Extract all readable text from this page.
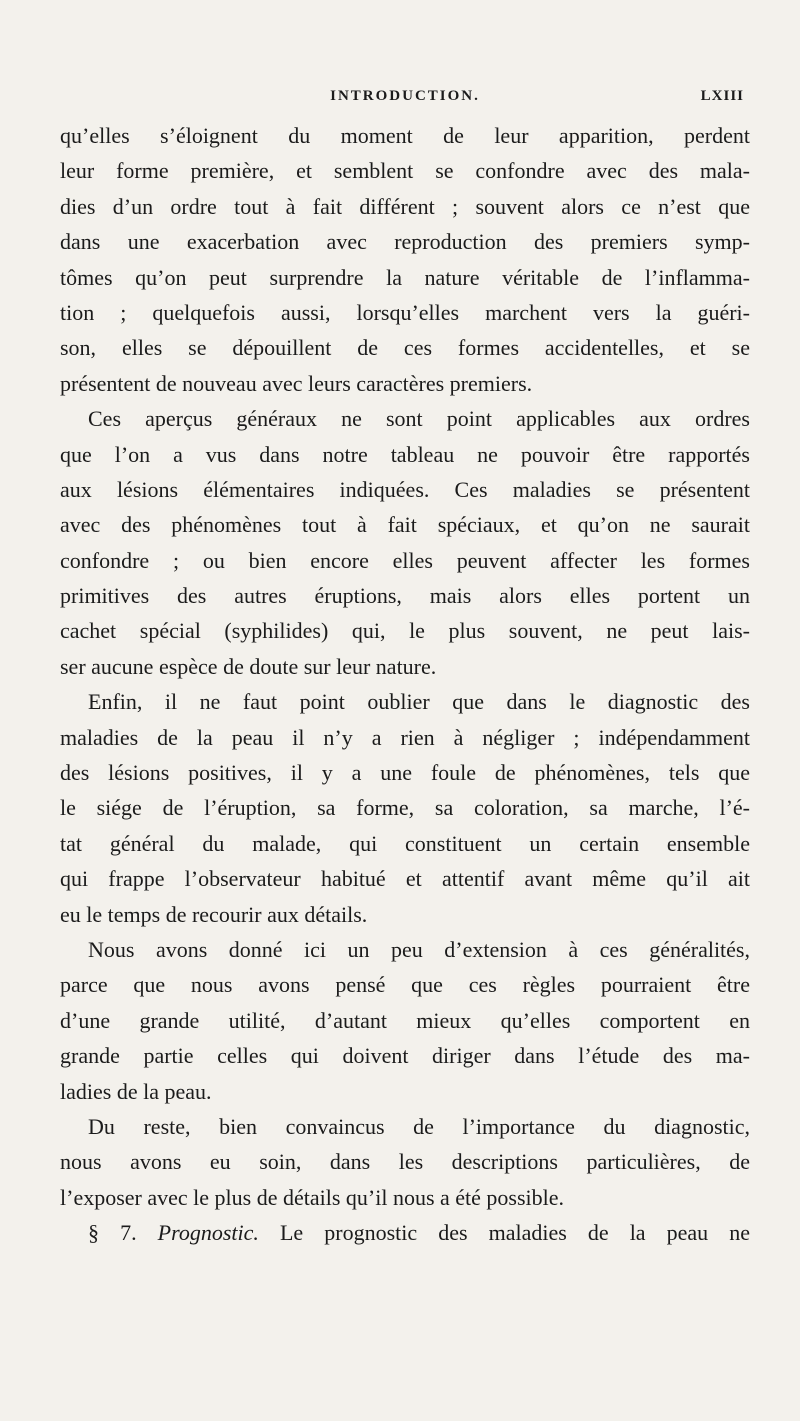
INTRODUCTION.	LXIII
qu’elles s’éloignent du moment de leur apparition, perdent
leur forme première, et semblent se confondre avec des mala-
dies d’un ordre tout à fait différent ; souvent alors ce n’est que
dans une exacerbation avec reproduction des premiers symp-
tômes qu’on peut surprendre la nature véritable de l’inflamma-
tion ; quelquefois aussi, lorsqu’elles marchent vers la guéri-
son, elles se dépouillent de ces formes accidentelles, et se
présentent de nouveau avec leurs caractères premiers.
Ces aperçus généraux ne sont point applicables aux ordres
que l’on a vus dans notre tableau ne pouvoir être rapportés
aux lésions élémentaires indiquées. Ces maladies se présentent
avec des phénomènes tout à fait spéciaux, et qu’on ne saurait
confondre ; ou bien encore elles peuvent affecter les formes
primitives des autres éruptions, mais alors elles portent un
cachet spécial (syphilides) qui, le plus souvent, ne peut lais-
ser aucune espèce de doute sur leur nature.
Enfin, il ne faut point oublier que dans le diagnostic des
maladies de la peau il n’y a rien à négliger ; indépendamment
des lésions positives, il y a une foule de phénomènes, tels que
le siége de l’éruption, sa forme, sa coloration, sa marche, l’é-
tat général du malade, qui constituent un certain ensemble
qui frappe l’observateur habitué et attentif avant même qu’il ait
eu le temps de recourir aux détails.
Nous avons donné ici un peu d’extension à ces généralités,
parce que nous avons pensé que ces règles pourraient être
d’une grande utilité, d’autant mieux qu’elles comportent en
grande partie celles qui doivent diriger dans l’étude des ma-
ladies de la peau.
Du reste, bien convaincus de l’importance du diagnostic,
nous avons eu soin, dans les descriptions particulières, de
l’exposer avec le plus de détails qu’il nous a été possible.
§ 7. Prognostic. Le prognostic des maladies de la peau ne
